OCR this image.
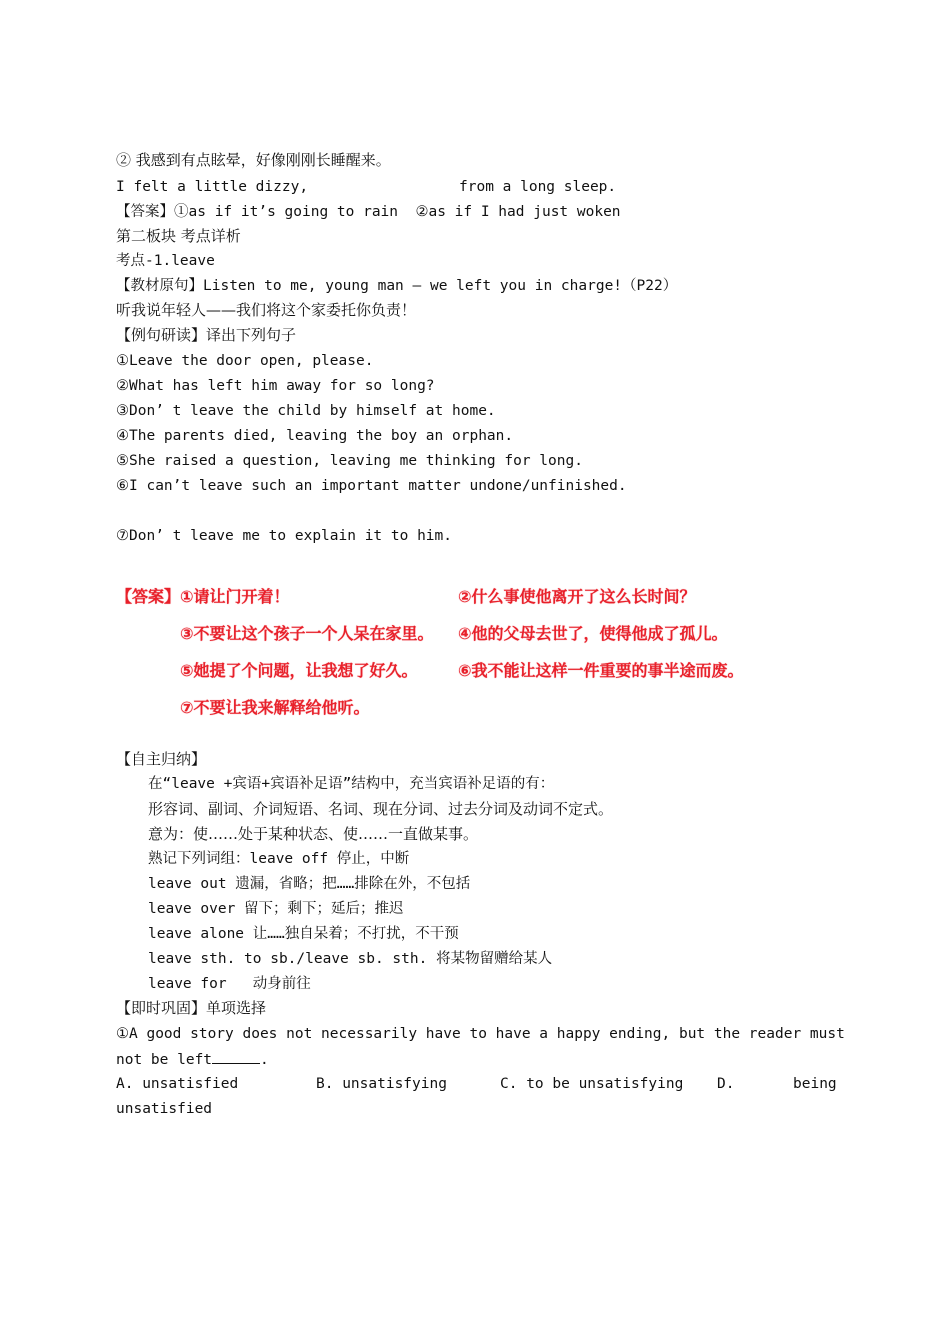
② 我感到有点眩晕，好像刚刚长睡醒来。
I felt a little dizzy,	from a long sleep.
【答案】①as if it’s going to rain  ②as if I had just woken
第二板块 考点详析
考点-1.leave
【教材原句】Listen to me, young man — we left you in charge!（P22）
听我说年轻人——我们将这个家委托你负责！
【例句研读】译出下列句子
①Leave the door open, please.
②What has left him away for so long?
③Don’ t leave the child by himself at home.
④The parents died, leaving the boy an orphan.
⑤She raised a question, leaving me thinking for long.
⑥I can’t leave such an important matter undone/unfinished.
⑦Don’ t leave me to explain it to him.
【答案】①请让门开着！	②什么事使他离开了这么长时间？
③不要让这个孩子一个人呆在家里。 ④他的父母去世了，使得他成了孤儿。
⑤她提了个问题，让我想了好久。	⑥我不能让这样一件重要的事半途而废。
⑦不要让我来解释给他听。
【自主归纳】
在“leave +宾语+宾语补足语”结构中，充当宾语补足语的有：
形容词、副词、介词短语、名词、现在分词、过去分词及动词不定式。
意为：使……处于某种状态、使……一直做某事。
熟记下列词组：leave off 停止，中断
leave out 遗漏，省略；把……排除在外，不包括
leave over 留下；剩下；延后；推迟
leave alone 让……独自呆着；不打扰，不干预
leave sth. to sb./leave sb. sth. 将某物留赠给某人
leave for   动身前往
【即时巩固】单项选择
①A good story does not necessarily have to have a happy ending, but the reader must
not be left	.
A. unsatisfied	B. unsatisfying	C. to be unsatisfying D.	being
unsatisfied
